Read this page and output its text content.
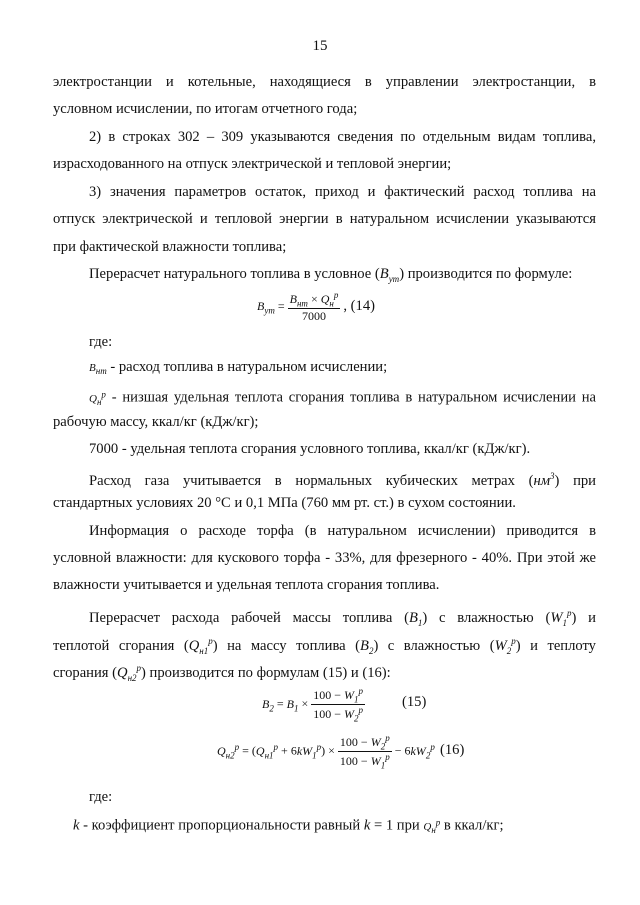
15
электростанции и котельные, находящиеся в управлении электростанции, в
условном исчислении, по итогам отчетного года;
2) в строках 302 – 309 указываются сведения по отдельным видам топлива,
израсходованного на отпуск электрической и тепловой энергии;
3) значения параметров остаток, приход и фактический расход топлива на
отпуск электрической и тепловой энергии в натуральном исчислении указываются
при фактической влажности топлива;
Перерасчет натурального топлива в условное $(B_{ут})$ производится по формуле:
$B_{ут} = \frac{B_{нт} \times Q_н^р}{7000}$ , (14)
где:
$B_{нт}$ - расход топлива в натуральном исчислении;
$Q_н^р$ - низшая удельная теплота сгорания топлива в натуральном исчислении на
рабочую массу, ккал/кг (кДж/кг);
7000 - удельная теплота сгорания условного топлива, ккал/кг (кДж/кг).
Расход газа учитывается в нормальных кубических метрах $(нм^3)$ при
стандартных условиях 20 °С и 0,1 МПа (760 мм рт. ст.) в сухом состоянии.
Информация о расходе торфа (в натуральном исчислении) приводится в
условной влажности: для кускового торфа - 33%, для фрезерного - 40%. При этой же
влажности учитывается и удельная теплота сгорания топлива.
Перерасчет расхода рабочей массы топлива $(B_1)$ с влажностью $(W_1^р)$ и
теплотой сгорания $(Q_{н1}^р)$ на массу топлива $(B_2)$ с влажностью $(W_2^р)$ и теплоту
сгорания $(Q_{н2}^р)$ производится по формулам (15) и (16):
$B_2 = B_1 \times \frac{100 - W_1^р}{100 - W_2^р}$	(15)
$Q_{н2}^р = (Q_{н1}^р + 6kW_1^р) \times \frac{100 - W_2^р}{100 - W_1^р} - 6kW_2^р$ (16)
где:
k - коэффициент пропорциональности равный k = 1 при $Q_н^р$ в ккал/кг;
